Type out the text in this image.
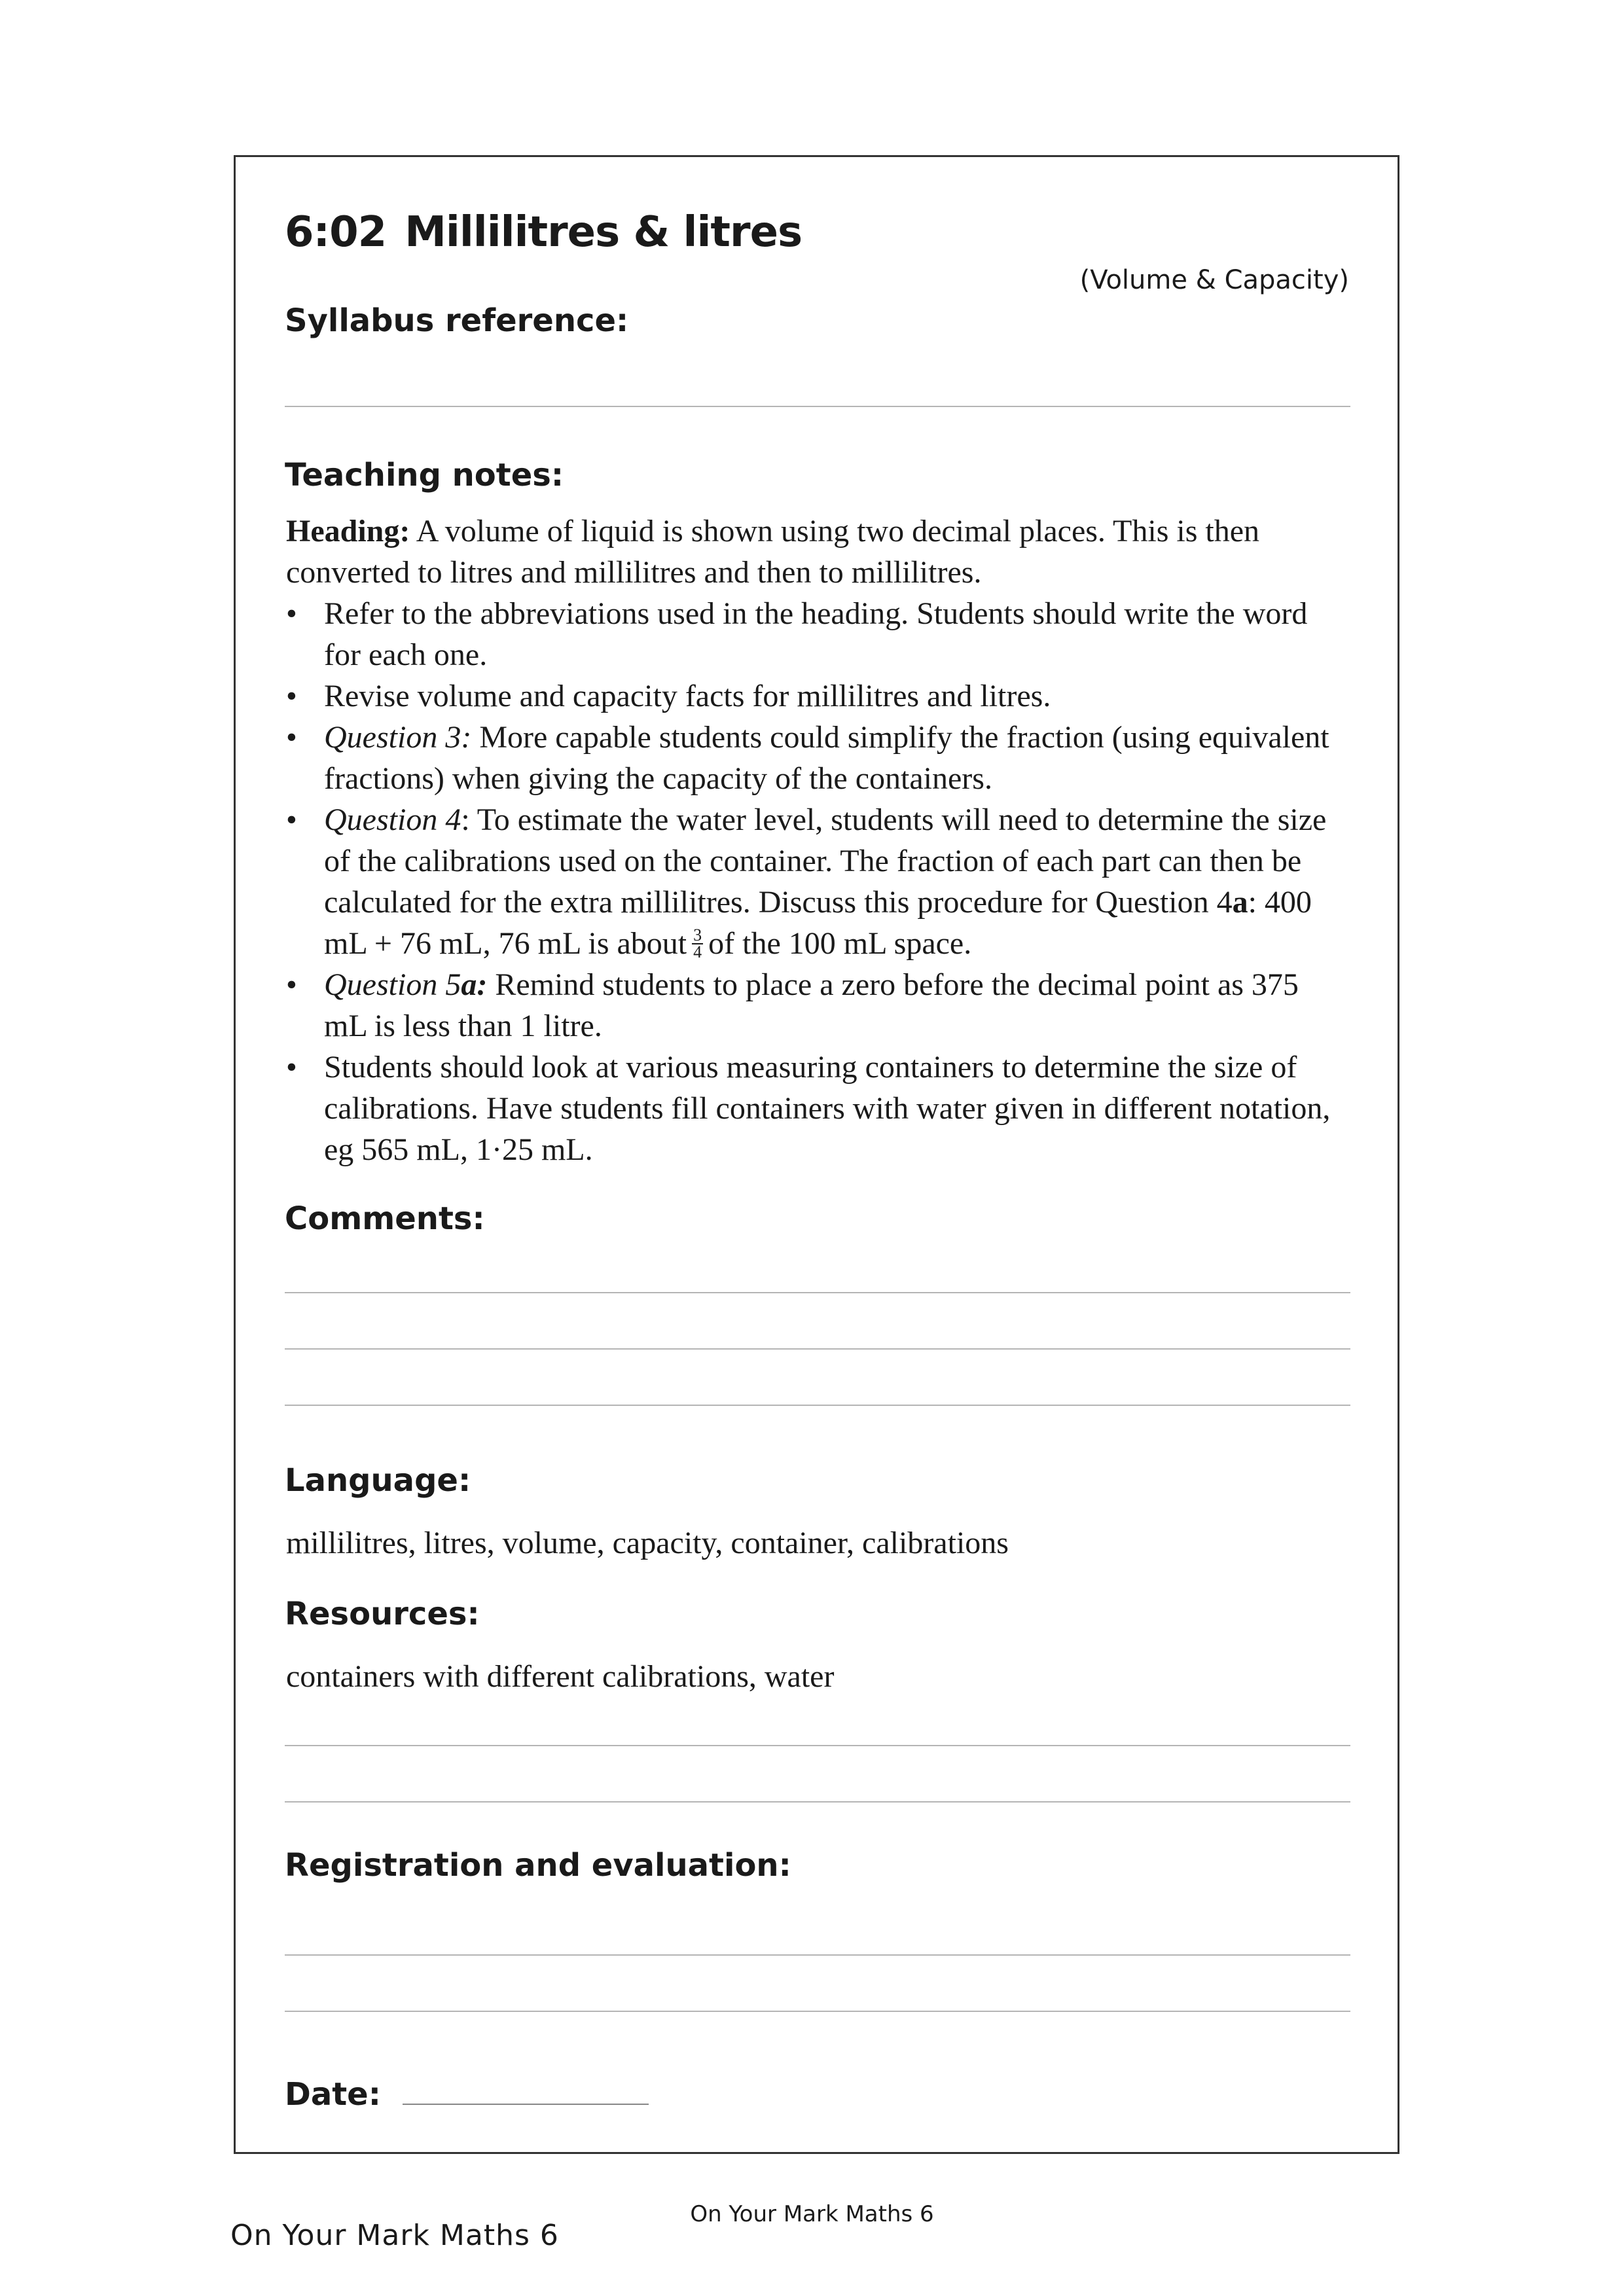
6:02 Millilitres & litres
(Volume & Capacity)
Syllabus reference:
Teaching notes:

Heading: A volume of liquid is shown using two decimal places. This is then converted to litres and millilitres and then to millilitres.

• Refer to the abbreviations used in the heading. Students should write the word for each one.
• Revise volume and capacity facts for millilitres and litres.
• Question 3: More capable students could simplify the fraction (using equivalent fractions) when giving the capacity of the containers.
• Question 4: To estimate the water level, students will need to determine the size of the calibrations used on the container. The fraction of each part can then be calculated for the extra millilitres. Discuss this procedure for Question 4a: 400 mL + 76 mL, 76 mL is about $\frac{3}{4}$ of the 100 mL space.
• Question 5a: Remind students to place a zero before the decimal point as 375 mL is less than 1 litre.
• Students should look at various measuring containers to determine the size of calibrations. Have students fill containers with water given in different notation, eg 565 mL, 1·25 mL.
Comments:
Language:
millilitres, litres, volume, capacity, container, calibrations
Resources:
containers with different calibrations, water
Registration and evaluation:
Date:
On Your Mark Maths 6
On Your Mark Maths 6
